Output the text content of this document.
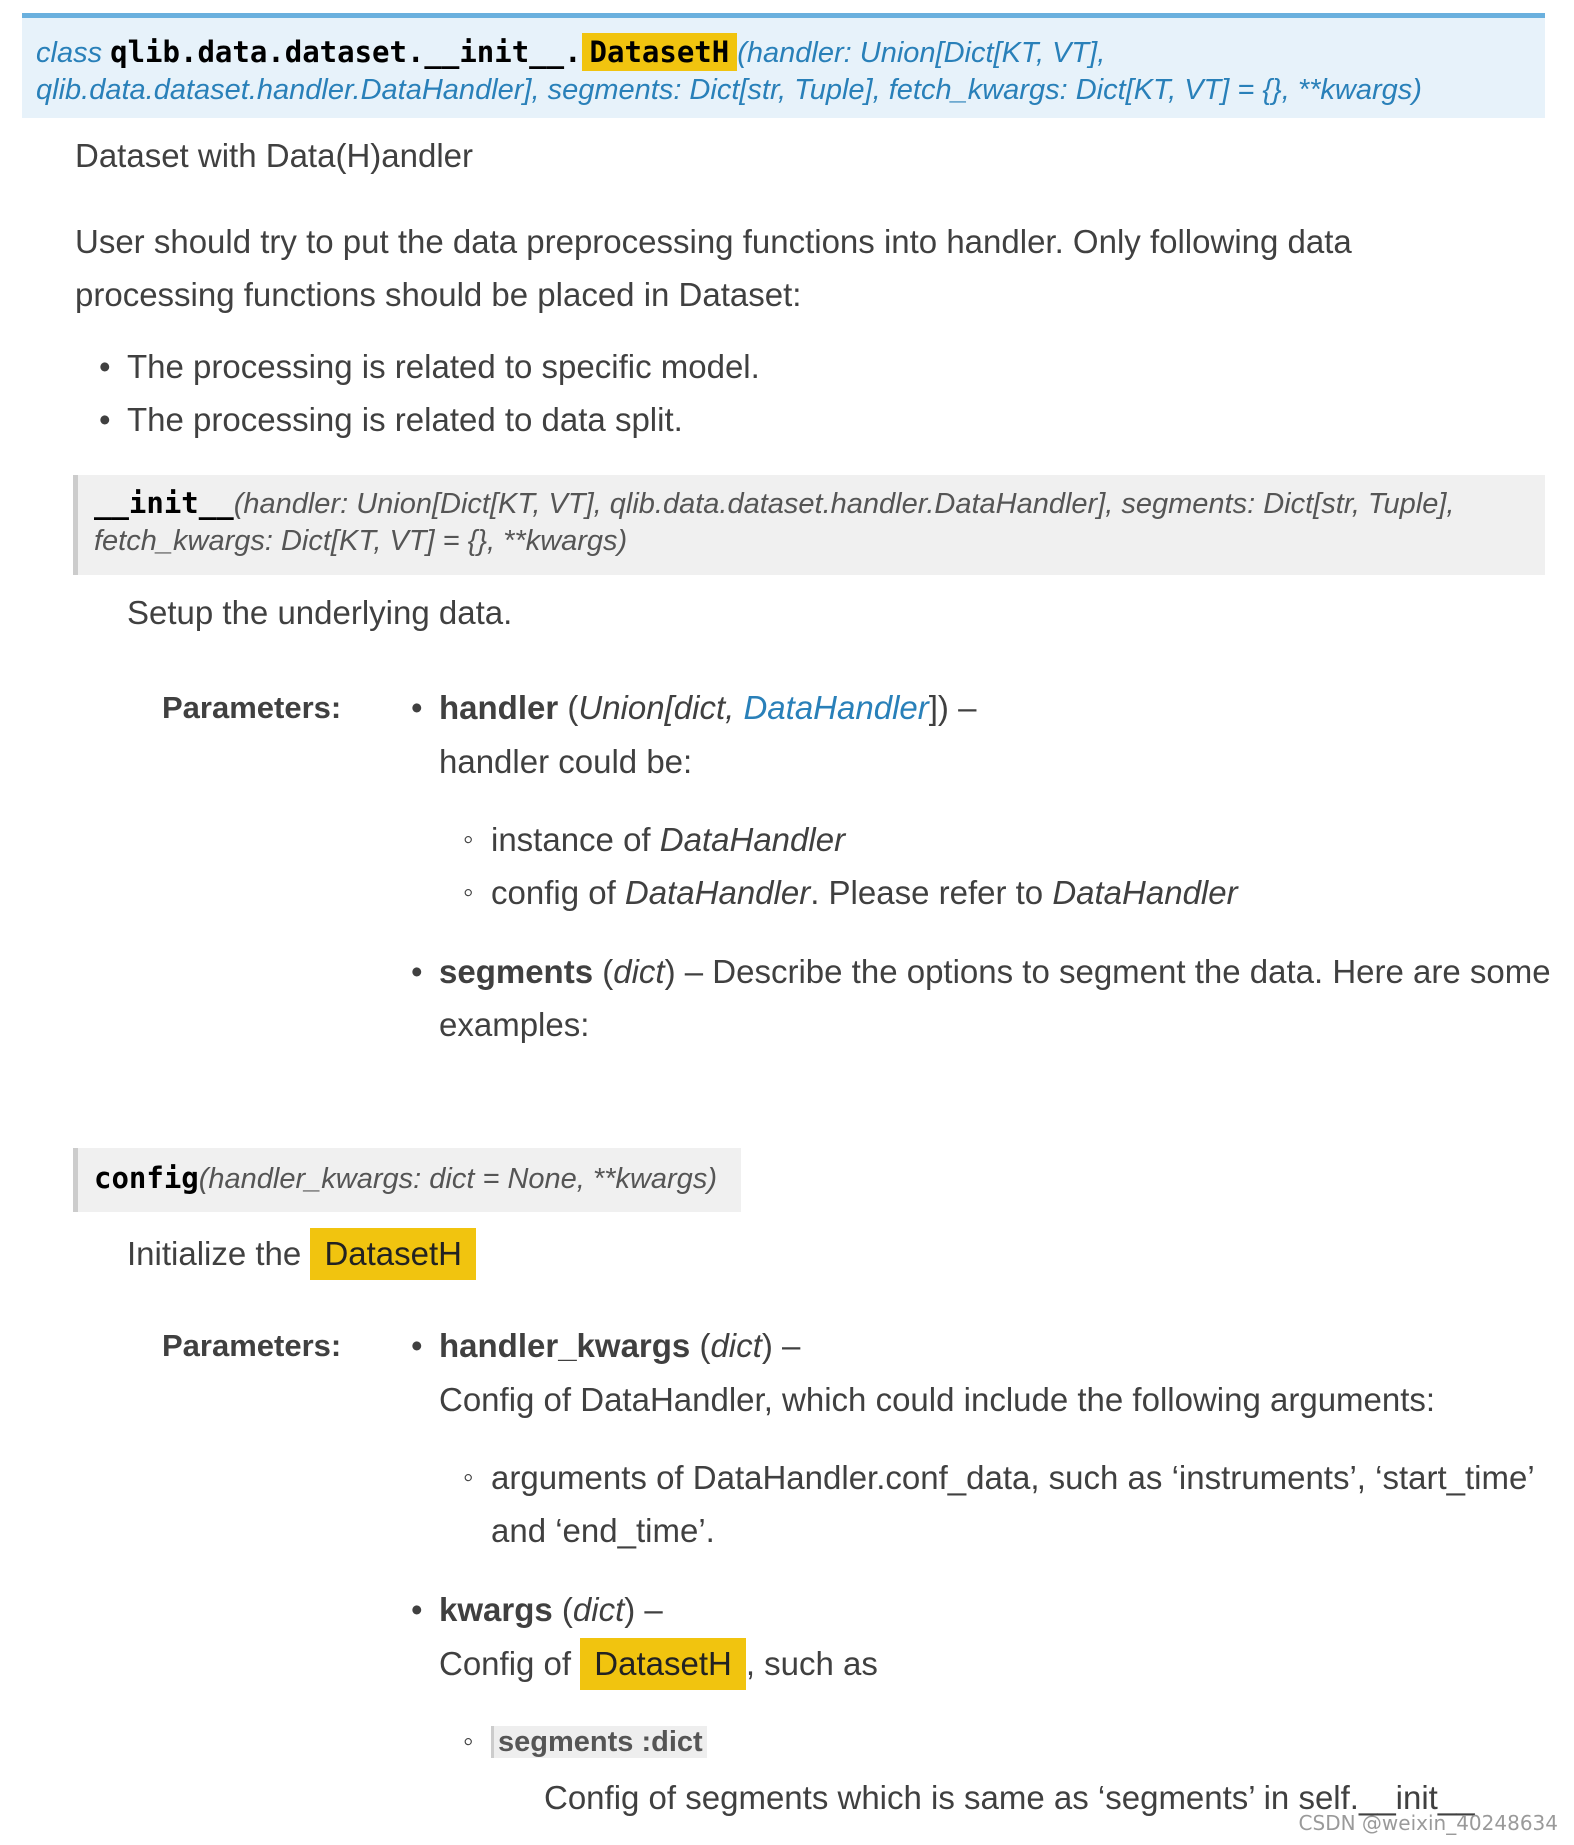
class qlib.data.dataset.__init__. DatasetH (handler: Union[Dict[KT, VT],
qlib.data.dataset.handler.DataHandler], segments: Dict[str, Tuple], fetch_kwargs: Dict[KT, VT] = {}, **kwargs)
Dataset with Data(H)andler
User should try to put the data preprocessing functions into handler. Only following data processing functions should be placed in Dataset:
• The processing is related to specific model.
• The processing is related to data split.
__init__(handler: Union[Dict[KT, VT], qlib.data.dataset.handler.DataHandler], segments: Dict[str, Tuple],
fetch_kwargs: Dict[KT, VT] = {}, **kwargs)
Setup the underlying data.
Parameters:	• handler (Union[dict, DataHandler]) –
handler could be:
◦ instance of DataHandler
◦ config of DataHandler. Please refer to DataHandler
• segments (dict) – Describe the options to segment the data. Here are some
examples:
config(handler_kwargs: dict = None, **kwargs)
Initialize the DatasetH
Parameters:	• handler_kwargs (dict) –
Config of DataHandler, which could include the following arguments:
◦ arguments of DataHandler.conf_data, such as ‘instruments’, ‘start_time’
and ‘end_time’.
• kwargs (dict) –
Config of DatasetH , such as
◦ segments :dict
Config of segments which is same as ‘segments’ in self.__init__
CSDN @weixin_40248634
